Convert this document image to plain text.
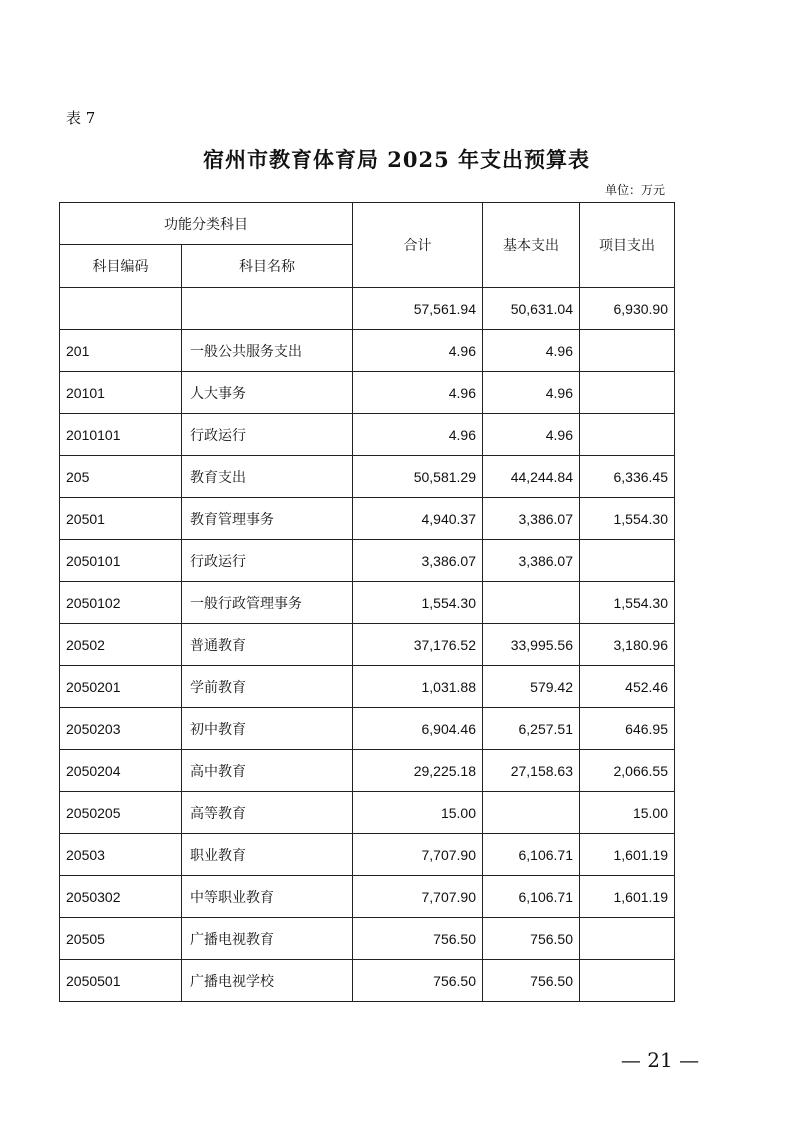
表 7
宿州市教育体育局 2025 年支出预算表
单位：万元
功能分类科目		合计	基本支出	项目支出
科目编码	科目名称			
		57,561.94	50,631.04	6,930.90
201	一般公共服务支出	4.96	4.96	
20101	人大事务	4.96	4.96	
2010101	行政运行	4.96	4.96	
205	教育支出	50,581.29	44,244.84	6,336.45
20501	教育管理事务	4,940.37	3,386.07	1,554.30
2050101	行政运行	3,386.07	3,386.07	
2050102	一般行政管理事务	1,554.30		1,554.30
20502	普通教育	37,176.52	33,995.56	3,180.96
2050201	学前教育	1,031.88	579.42	452.46
2050203	初中教育	6,904.46	6,257.51	646.95
2050204	高中教育	29,225.18	27,158.63	2,066.55
2050205	高等教育	15.00		15.00
20503	职业教育	7,707.90	6,106.71	1,601.19
2050302	中等职业教育	7,707.90	6,106.71	1,601.19
20505	广播电视教育	756.50	756.50	
2050501	广播电视学校	756.50	756.50	
— 21 —
